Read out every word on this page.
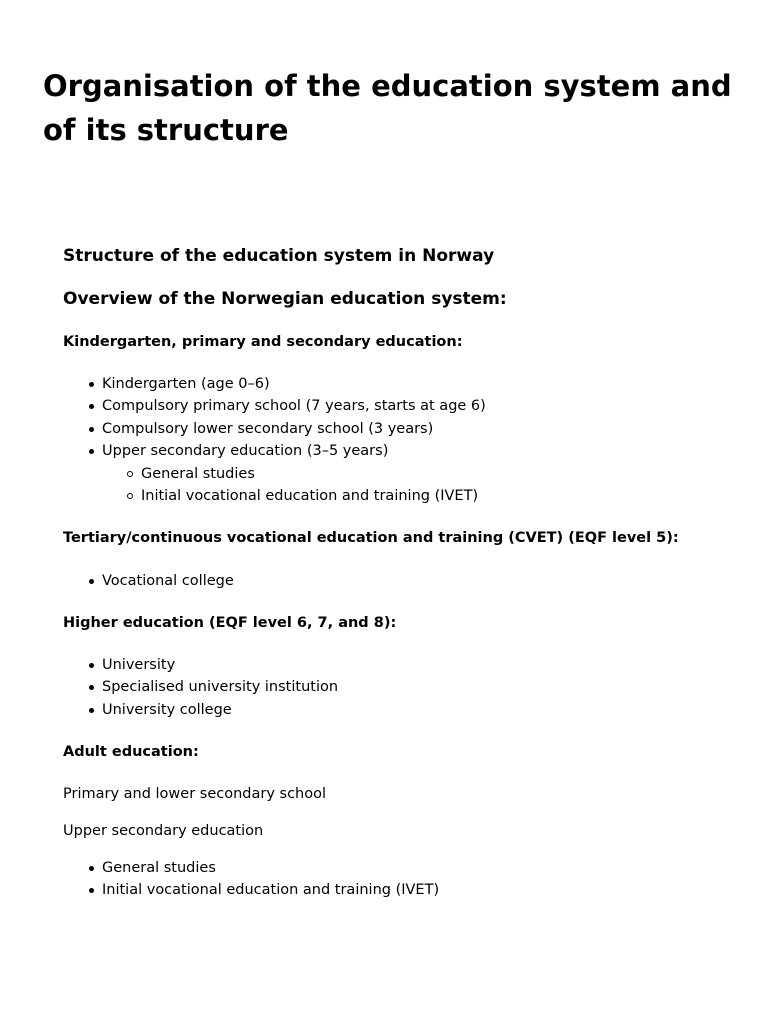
Organisation of the education system and of its structure
Structure of the education system in Norway
Overview of the Norwegian education system:
Kindergarten, primary and secondary education:
Kindergarten (age 0–6)
Compulsory primary school (7 years, starts at age 6)
Compulsory lower secondary school (3 years)
Upper secondary education (3–5 years)
General studies
Initial vocational education and training (IVET)
Tertiary/continuous vocational education and training (CVET) (EQF level 5):
Vocational college
Higher education (EQF level 6, 7, and 8):
University
Specialised university institution
University college
Adult education:

Primary and lower secondary school

Upper secondary education

General studies
Initial vocational education and training (IVET)
